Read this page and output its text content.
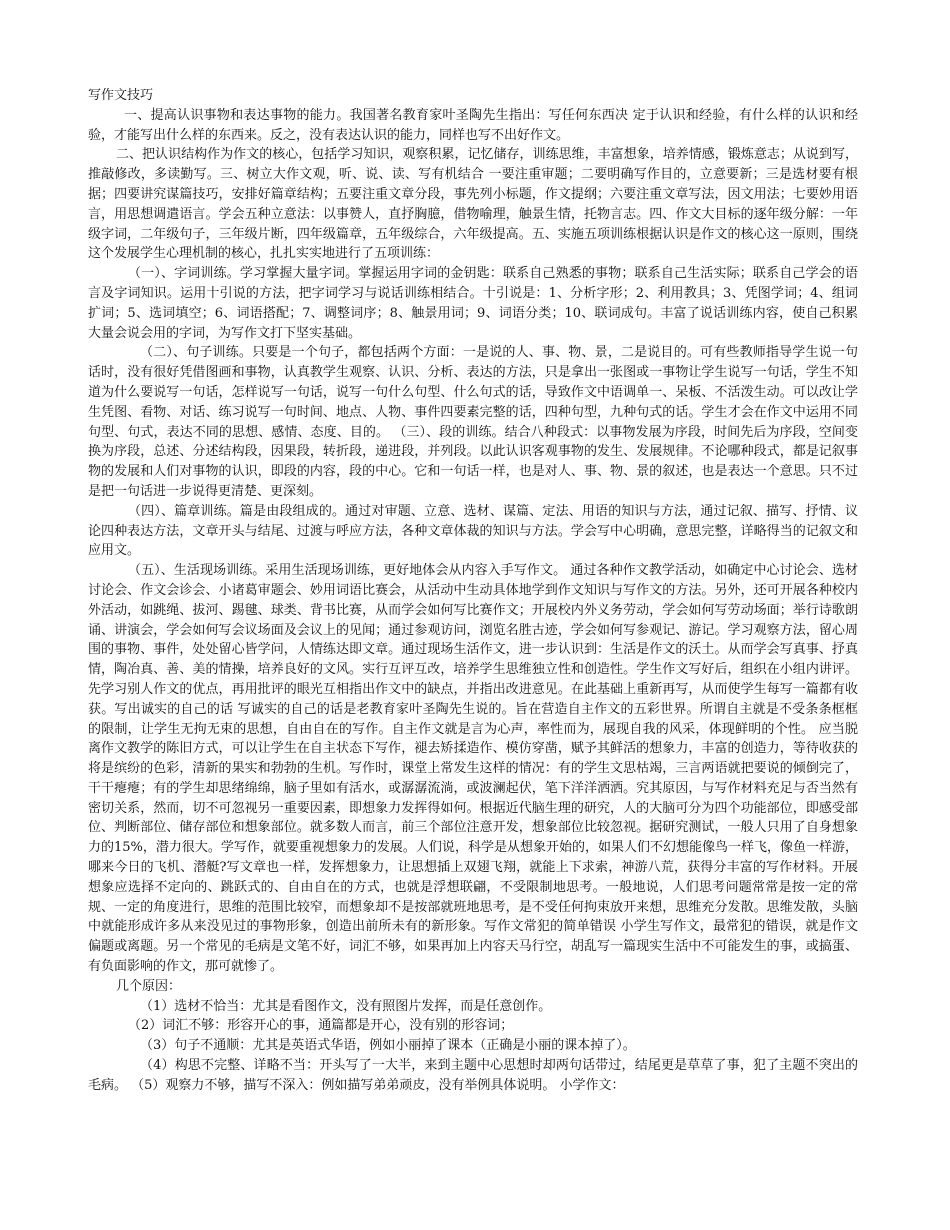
写作文技巧

一、提高认识事物和表达事物的能力。我国著名教育家叶圣陶先生指出：写任何东西决 定于认识和经验，有什么样的认识和经验，才能写出什么样的东西来。反之，没有表达认识的能力，同样也写不出好作文。

二、把认识结构作为作文的核心，包括学习知识，观察积累，记忆储存，训练思维，丰富想象，培养情感，锻炼意志；从说到写，推敲修改，多读勤写。三、树立大作文观，听、说、读、写有机结合 一要注重审题；二要明确写作目的，立意要新；三是选材要有根据；四要讲究谋篇技巧，安排好篇章结构；五要注重文章分段，事先列小标题，作文提纲；六要注重文章写法，因文用法；七要妙用语言，用思想调遣语言。学会五种立意法：以事赞人，直抒胸臆，借物喻理，触景生情，托物言志。四、作文大目标的逐年级分解：一年级字词，二年级句子，三年级片断，四年级篇章，五年级综合，六年级提高。五、实施五项训练根据认识是作文的核心这一原则，围绕这个发展学生心理机制的核心，扎扎实实地进行了五项训练：

（一）、字词训练。学习掌握大量字词。掌握运用字词的金钥匙：联系自己熟悉的事物；联系自己生活实际；联系自己学会的语言及字词知识。运用十引说的方法，把字词学习与说话训练相结合。十引说是：1、分析字形；2、利用教具；3、凭图学词；4、组词扩词；5、选词填空；6、词语搭配；7、调整词序；8、触景用词；9、词语分类；10、联词成句。丰富了说话训练内容，使自己积累大量会说会用的字词，为写作文打下坚实基础。

（二）、句子训练。只要是一个句子，都包括两个方面：一是说的人、事、物、景，二是说目的。可有些教师指导学生说一句话时，没有很好凭借图画和事物，认真教学生观察、认识、分析、表达的方法，只是拿出一张图或一事物让学生说写一句话，学生不知道为什么要说写一句话，怎样说写一句话，说写一句什么句型、什么句式的话，导致作文中语调单一、呆板、不活泼生动。可以改让学生凭图、看物、对话、练习说写一句时间、地点、人物、事件四要素完整的话，四种句型，九种句式的话。学生才会在作文中运用不同句型、句式，表达不同的思想、感情、态度、目的。 （三）、段的训练。结合八种段式：以事物发展为序段，时间先后为序段，空间变换为序段，总述、分述结构段，因果段，转折段，递进段，并列段。以此认识客观事物的发生、发展规律。不论哪种段式，都是记叙事物的发展和人们对事物的认识，即段的内容，段的中心。它和一句话一样，也是对人、事、物、景的叙述，也是表达一个意思。只不过是把一句话进一步说得更清楚、更深刻。

（四）、篇章训练。篇是由段组成的。通过对审题、立意、选材、谋篇、定法、用语的知识与方法，通过记叙、描写、抒情、议论四种表达方法，文章开头与结尾、过渡与呼应方法，各种文章体裁的知识与方法。学会写中心明确，意思完整，详略得当的记叙文和应用文。

（五）、生活现场训练。采用生活现场训练，更好地体会从内容入手写作文。 通过各种作文教学活动，如确定中心讨论会、选材讨论会、作文会诊会、小诸葛审题会、妙用词语比赛会，从活动中生动具体地学到作文知识与写作文的方法。另外，还可开展各种校内外活动，如跳绳、拔河、踢毽、球类、背书比赛，从而学会如何写比赛作文；开展校内外义务劳动，学会如何写劳动场面；举行诗歌朗诵、讲演会，学会如何写会议场面及会议上的见闻；通过参观访问，浏览名胜古迹，学会如何写参观记、游记。学习观察方法，留心周围的事物、事件，处处留心皆学问，人情练达即文章。通过现场生活作文，进一步认识到：生活是作文的沃土。从而学会写真事、抒真情，陶冶真、善、美的情操，培养良好的文风。实行互评互改，培养学生思维独立性和创造性。学生作文写好后，组织在小组内讲评。先学习别人作文的优点，再用批评的眼光互相指出作文中的缺点，并指出改进意见。在此基础上重新再写，从而使学生每写一篇都有收获。写出诚实的自己的话 写诚实的自己的话是老教育家叶圣陶先生说的。旨在营造自主作文的五彩世界。所谓自主就是不受条条框框的限制，让学生无拘无束的思想，自由自在的写作。自主作文就是言为心声，率性而为，展现自我的风采，体现鲜明的个性。 应当脱离作文教学的陈旧方式，可以让学生在自主状态下写作，褪去矫揉造作、模仿穿凿，赋予其鲜活的想象力，丰富的创造力，等待收获的将是缤纷的色彩，清新的果实和勃勃的生机。写作时，课堂上常发生这样的情况：有的学生文思枯竭，三言两语就把要说的倾倒完了，干干瘪瘪；有的学生却思绪绵绵，脑子里如有活水，或潺潺流淌，或波澜起伏，笔下洋洋洒洒。究其原因，与写作材料充足与否当然有密切关系，然而，切不可忽视另一重要因素，即想象力发挥得如何。根据近代脑生理的研究，人的大脑可分为四个功能部位，即感受部位、判断部位、储存部位和想象部位。就多数人而言，前三个部位注意开发，想象部位比较忽视。据研究测试，一般人只用了自身想象力的15%，潜力很大。学写作，就要重视想象力的发展。人们说，科学是从想象开始的，如果人们不幻想能像鸟一样飞，像鱼一样游，哪来今日的飞机、潜艇?写文章也一样，发挥想象力，让思想插上双翅飞翔，就能上下求索，神游八荒，获得分丰富的写作材料。开展想象应选择不定向的、跳跃式的、自由自在的方式，也就是浮想联翩，不受限制地思考。一般地说，人们思考问题常常是按一定的常规、一定的角度进行，思维的范围比较窄，而想象却不是按部就班地思考，是不受任何拘束放开来想，思维充分发散。思维发散，头脑中就能形成许多从来没见过的事物形象，创造出前所未有的新形象。写作文常犯的简单错误 小学生写作文，最常犯的错误，就是作文偏题或离题。另一个常见的毛病是文笔不好，词汇不够，如果再加上内容天马行空，胡乱写一篇现实生活中不可能发生的事，或搞蛋、有负面影响的作文，那可就惨了。

几个原因：

（1）选材不恰当：尤其是看图作文，没有照图片发挥，而是任意创作。

（2）词汇不够：形容开心的事，通篇都是开心，没有别的形容词；

（3）句子不通顺：尤其是英语式华语，例如小丽掉了课本（正确是小丽的课本掉了）。

（4）构思不完整、详略不当：开头写了一大半，来到主题中心思想时却两句话带过，结尾更是草草了事，犯了主题不突出的毛病。 （5）观察力不够，描写不深入：例如描写弟弟顽皮，没有举例具体说明。 小学作文：
